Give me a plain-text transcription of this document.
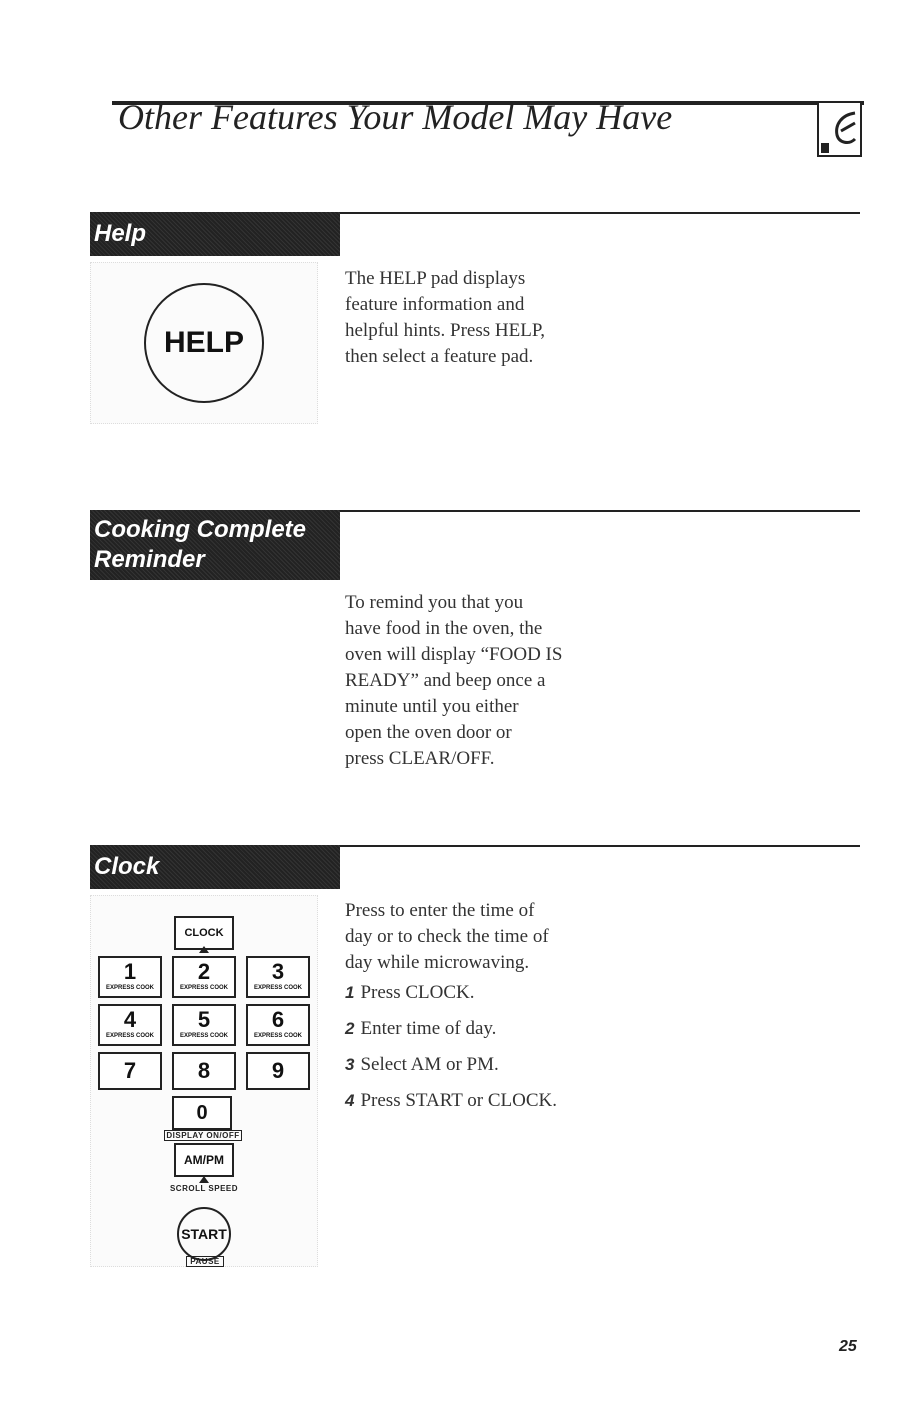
Other Features Your Model May Have
Help
HELP
The HELP pad displays
feature information and
helpful hints. Press HELP,
then select a feature pad.
Cooking Complete
Reminder
To remind you that you
have food in the oven, the
oven will display “FOOD IS
READY” and beep once a
minute until you either
open the oven door or
press CLEAR/OFF.
Clock
CLOCK
1
EXPRESS COOK
2
EXPRESS COOK
3
EXPRESS COOK
4
EXPRESS COOK
5
EXPRESS COOK
6
EXPRESS COOK
7	8	9
0
DISPLAY ON/OFF
AM/PM
SCROLL SPEED
START
PAUSE
Press to enter the time of
day or to check the time of
day while microwaving.
1 Press CLOCK.
2 Enter time of day.
3 Select AM or PM.
4 Press START or CLOCK.
25
